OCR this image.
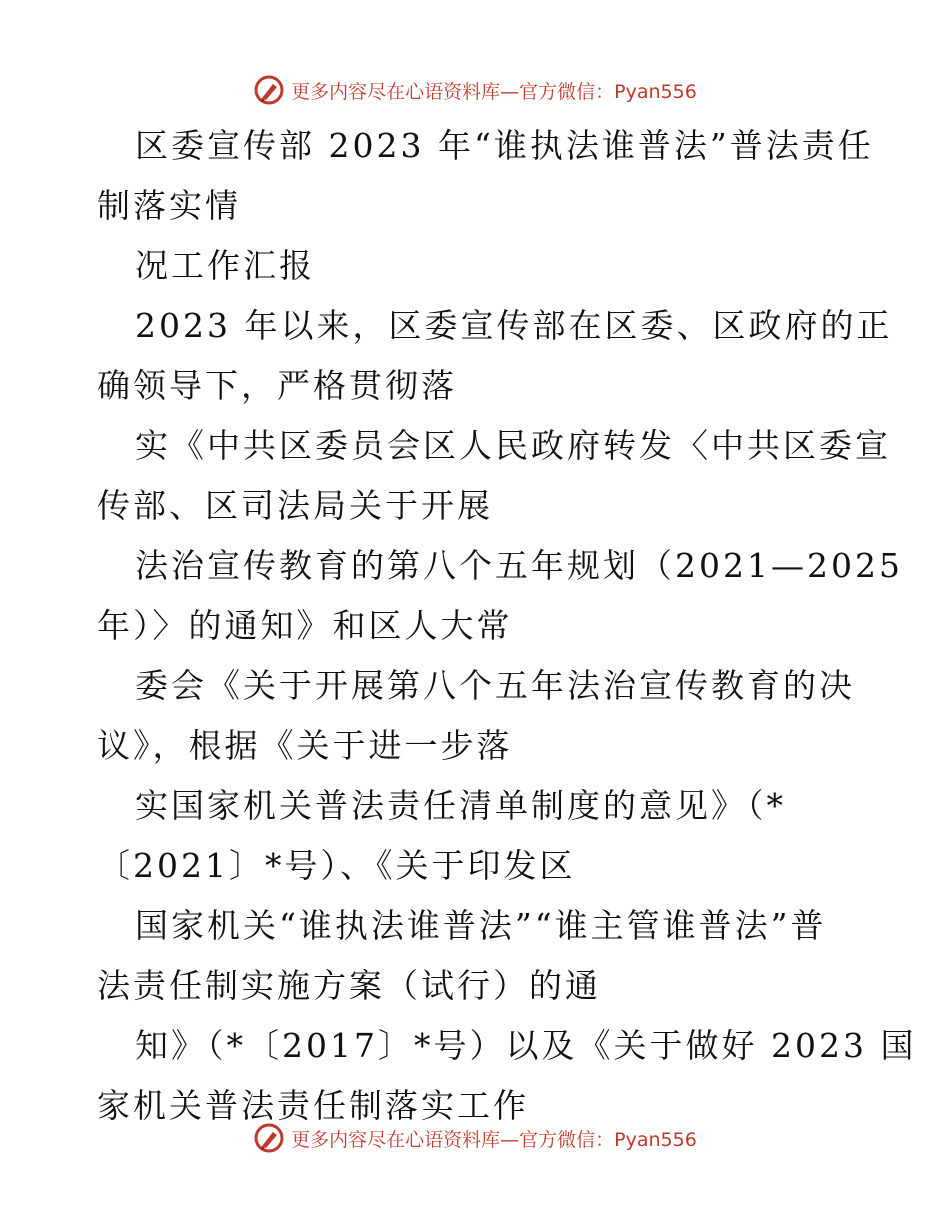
更多内容尽在心语资料库—官方微信：Pyan556
区委宣传部 2023 年“谁执法谁普法”普法责任
制落实情
况工作汇报
2023 年以来，区委宣传部在区委、区政府的正
确领导下，严格贯彻落
实《中共区委员会区人民政府转发〈中共区委宣
传部、区司法局关于开展
法治宣传教育的第八个五年规划（2021—2025
年）〉的通知》和区人大常
委会《关于开展第八个五年法治宣传教育的决
议》，根据《关于进一步落
实国家机关普法责任清单制度的意见》（*
〔2021〕*号）、《关于印发区
国家机关“谁执法谁普法”“谁主管谁普法”普
法责任制实施方案（试行）的通
知》（*〔2017〕*号）以及《关于做好 2023 国
家机关普法责任制落实工作
更多内容尽在心语资料库—官方微信：Pyan556
